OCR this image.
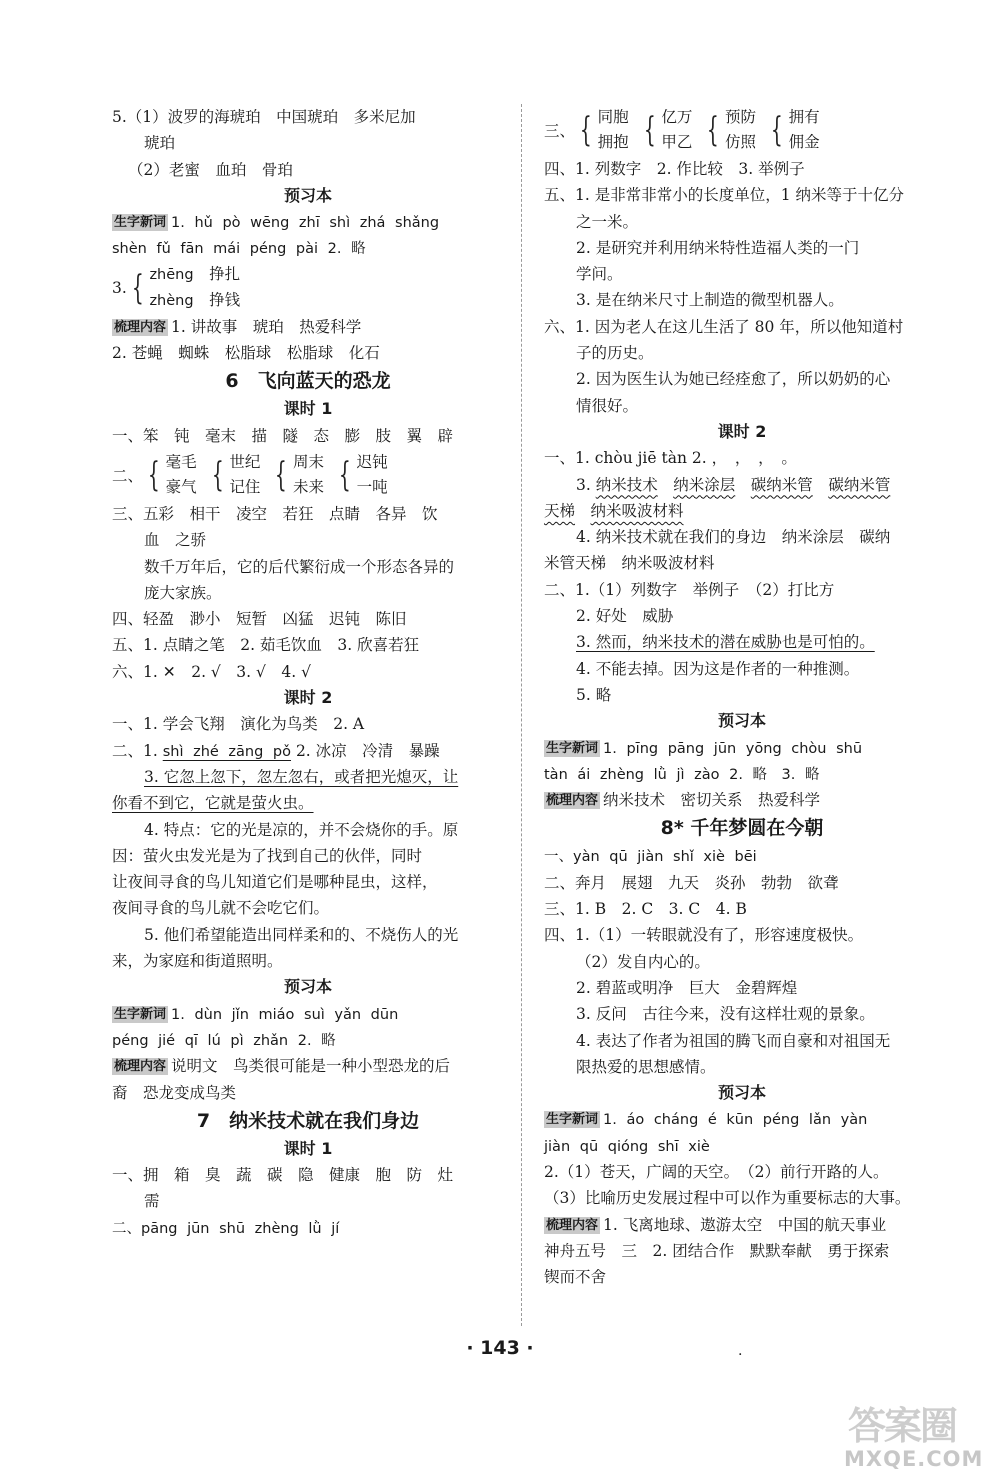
5.（1）波罗的海琥珀　中国琥珀　多米尼加
琥珀
（2）老蜜　血珀　骨珀
预习本
生字新词 1. hǔ pò wēng zhī shì zhá shǎng
shèn fǔ fān mái péng pài 2. 略
3. { zhēng　 挣扎
zhèng　 挣钱
梳理内容 1. 讲故事　琥珀　热爱科学
2. 苍蝇　蜘蛛　松脂球　松脂球　化石
6　飞向蓝天的恐龙
课时 1
一、笨　钝　毫末　描　隧　态　膨　肢　翼　辟
二、 { 毫毛
豪气 { 世纪
记住 { 周末
未来 { 迟钝
一吨
三、五彩　相干　凌空　若狂　点睛　各异　饮
血　之骄
数千万年后，它的后代繁衍成一个形态各异的
庞大家族。
四、轻盈　渺小　短暂　凶猛　迟钝　陈旧
五、1. 点睛之笔　2. 茹毛饮血　3. 欣喜若狂
六、1. ✕　2. √　3. √　4. √
课时 2
一、1. 学会飞翔　演化为鸟类　2. A
二、1. shì zhé zāng pǒ 2. 冰凉　冷清　暴躁
3. 它忽上忽下，忽左忽右，或者把光熄灭，让
你看不到它，它就是萤火虫。
4. 特点：它的光是凉的，并不会烧你的手。原
因：萤火虫发光是为了找到自己的伙伴，同时
让夜间寻食的鸟儿知道它们是哪种昆虫，这样，
夜间寻食的鸟儿就不会吃它们。
5. 他们希望能造出同样柔和的、不烧伤人的光
来，为家庭和街道照明。
预习本
生字新词 1. dùn jǐn miáo suì yǎn dūn
péng jié qī lú pì zhǎn 2. 略
梳理内容 说明文　鸟类很可能是一种小型恐龙的后
裔　恐龙变成鸟类
7　纳米技术就在我们身边
课时 1
一、拥　箱　臭　蔬　碳　隐　健康　胞　防　灶
需
二、pāng jūn shū zhèng lǜ jí
三、 { 同胞
拥抱 { 亿万
甲乙 { 预防
仿照 { 拥有
佣金
四、1. 列数字　2. 作比较　3. 举例子
五、1. 是非常非常小的长度单位，1 纳米等于十亿分
之一米。
2. 是研究并利用纳米特性造福人类的一门
学问。
3. 是在纳米尺寸上制造的微型机器人。
六、1. 因为老人在这儿生活了 80 年，所以他知道村
子的历史。
2. 因为医生认为她已经痊愈了，所以奶奶的心
情很好。
课时 2
一、1. chòu jiē tàn 2. ，　，　，　。
3. 纳米技术　 纳米涂层　 碳纳米管　 碳纳米管
天梯　 纳米吸波材料
4. 纳米技术就在我们的身边　纳米涂层　碳纳
米管天梯　纳米吸波材料
二、1.（1）列数字　举例子　（2）打比方
2. 好处　威胁
3. 然而，纳米技术的潜在威胁也是可怕的。
4. 不能去掉。因为这是作者的一种推测。
5. 略
预习本
生字新词 1. pīng pāng jūn yōng chòu shū
tàn ái zhèng lǜ jì zào 2. 略　3. 略
梳理内容 纳米技术　密切关系　热爱科学
8* 千年梦圆在今朝
一、yàn qū jiàn shǐ xiè bēi
二、奔月　展翅　九天　炎孙　勃勃　欲聋
三、1. B　2. C　3. C　4. B
四、1.（1）一转眼就没有了，形容速度极快。
（2）发自内心的。
2. 碧蓝或明净　巨大　金碧辉煌
3. 反问　古往今来，没有这样壮观的景象。
4. 表达了作者为祖国的腾飞而自豪和对祖国无
限热爱的思想感情。
预习本
生字新词 1. áo cháng é kūn péng lǎn yàn
jiàn qū qióng shī xiè
2.（1）苍天，广阔的天空。　（2）前行开路的人。
（3）比喻历史发展过程中可以作为重要标志的大事。
梳理内容 1. 飞离地球、遨游太空　中国的航天事业
神舟五号　三　2. 团结合作　默默奉献　勇于探索
锲而不舍
· 143 ·	.
答案圈
MXQE.COM
